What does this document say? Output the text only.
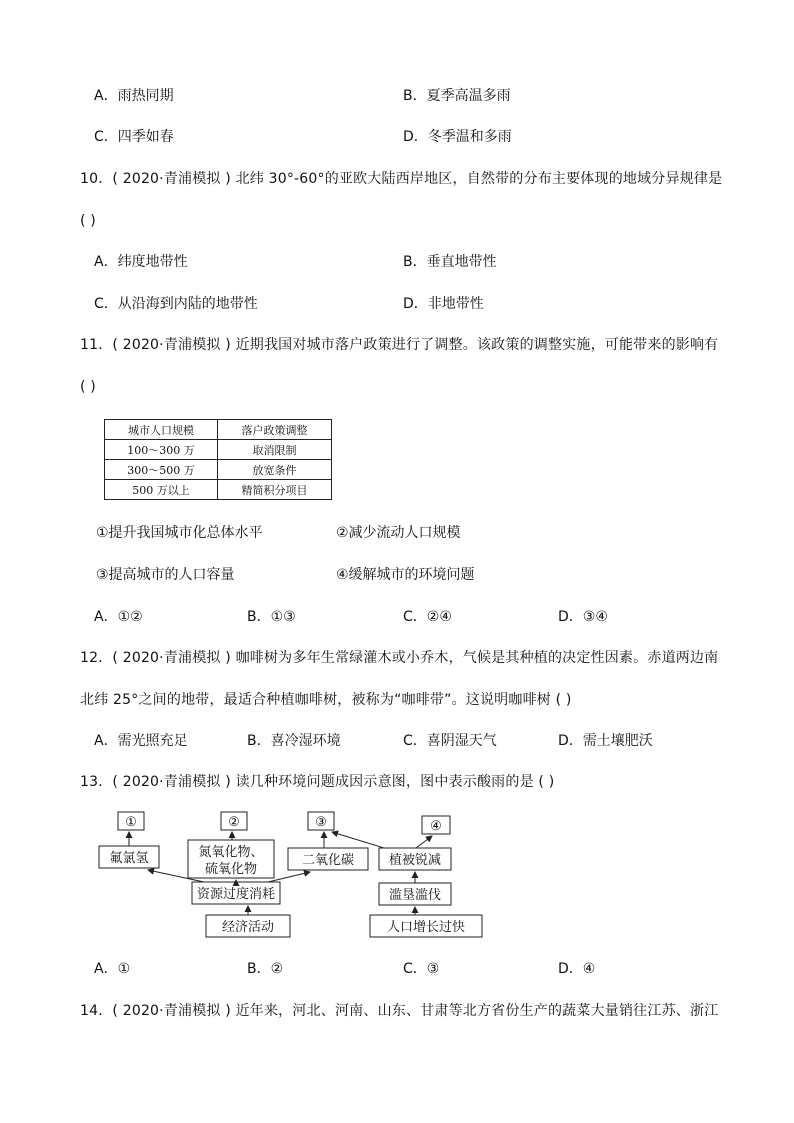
A．雨热同期	B．夏季高温多雨
C．四季如春	D．冬季温和多雨
10．( 2020·青浦模拟 ) 北纬 30°-60°的亚欧大陆西岸地区，自然带的分布主要体现的地域分异规律是
( )
A．纬度地带性	B．垂直地带性
C．从沿海到内陆的地带性	D．非地带性
11．( 2020·青浦模拟 ) 近期我国对城市落户政策进行了调整。该政策的调整实施，可能带来的影响有
( )
城市人口规模	落户政策调整
100～300 万	取消限制
300～500 万	放宽条件
500 万以上	精简积分项目
①提升我国城市化总体水平	②减少流动人口规模
③提高城市的人口容量	④缓解城市的环境问题
A．①②	B．①③	C．②④	D．③④
12．( 2020·青浦模拟 ) 咖啡树为多年生常绿灌木或小乔木，气候是其种植的决定性因素。赤道两边南
北纬 25°之间的地带，最适合种植咖啡树，被称为“咖啡带”。这说明咖啡树 ( )
A．需光照充足	B．喜冷湿环境	C．喜阴湿天气	D．需土壤肥沃
13．( 2020·青浦模拟 ) 读几种环境问题成因示意图，图中表示酸雨的是 ( )
①	②	③	④
氟氯氢	氮氧化物、
硫氧化物
二氧化碳	植被锐减
资源过度消耗	滥垦滥伐
经济活动	人口增长过快
A．①	B．②	C．③	D．④
14．( 2020·青浦模拟 ) 近年来，河北、河南、山东、甘肃等北方省份生产的蔬菜大量销往江苏、浙江
